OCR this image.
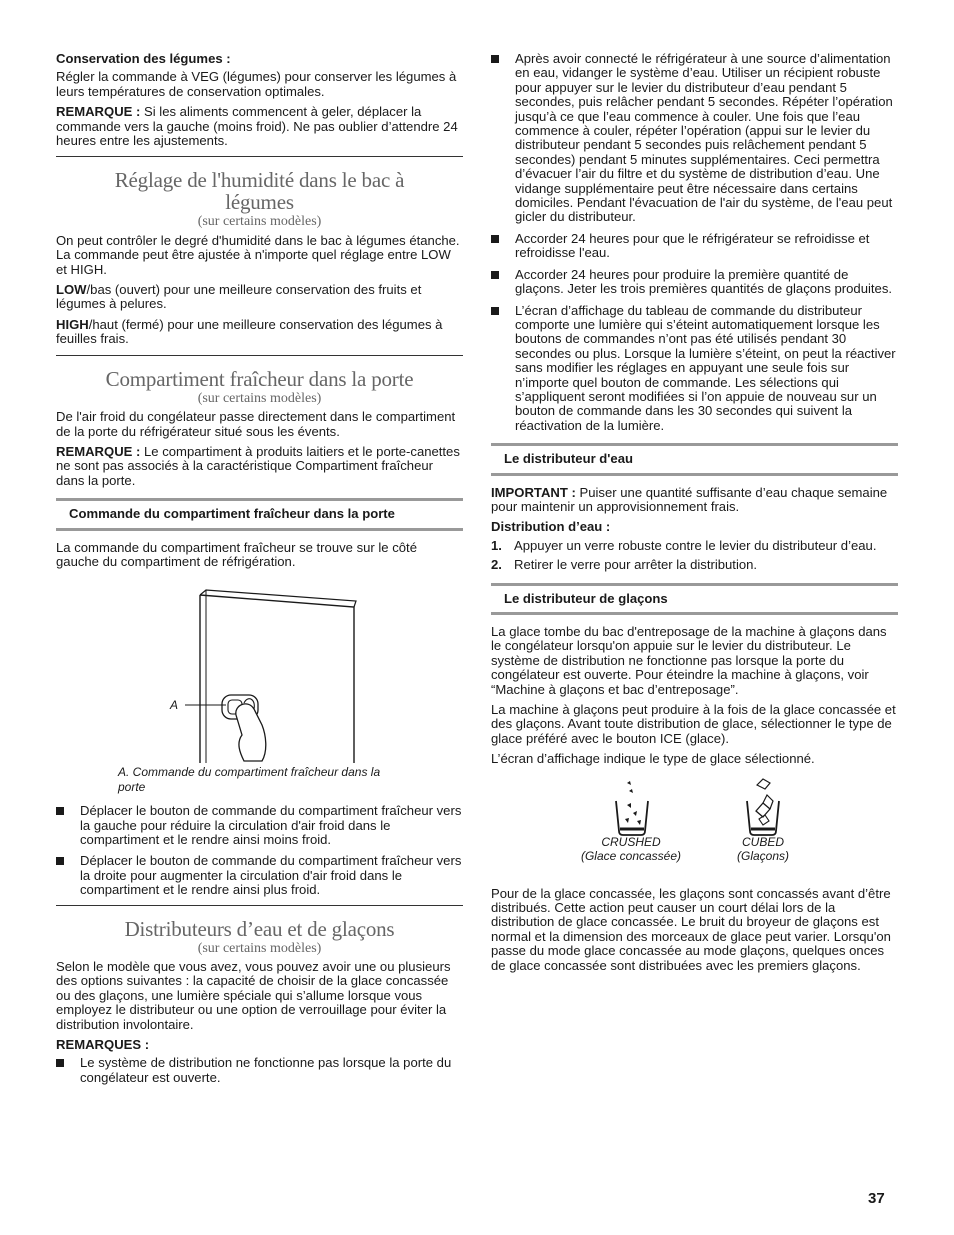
Conservation des légumes :

Régler la commande à VEG (légumes) pour conserver les légumes à leurs températures de conservation optimales.

REMARQUE : Si les aliments commencent à geler, déplacer la commande vers la gauche (moins froid). Ne pas oublier d’attendre 24 heures entre les ajustements.

Réglage de l'humidité dans le bac à légumes
(sur certains modèles)

On peut contrôler le degré d'humidité dans le bac à légumes étanche. La commande peut être ajustée à n'importe quel réglage entre LOW et HIGH.

LOW/bas (ouvert) pour une meilleure conservation des fruits et légumes à pelures.

HIGH/haut (fermé) pour une meilleure conservation des légumes à feuilles frais.

Compartiment fraîcheur dans la porte
(sur certains modèles)

De l'air froid du congélateur passe directement dans le compartiment de la porte du réfrigérateur situé sous les évents.

REMARQUE : Le compartiment à produits laitiers et le porte-canettes ne sont pas associés à la caractéristique Compartiment fraîcheur dans la porte.

Commande du compartiment fraîcheur dans la porte

La commande du compartiment fraîcheur se trouve sur le côté gauche du compartiment de réfrigération.

A

A. Commande du compartiment fraîcheur dans la porte

Déplacer le bouton de commande du compartiment fraîcheur vers la gauche pour réduire la circulation d'air froid dans le compartiment et le rendre ainsi moins froid.
Déplacer le bouton de commande du compartiment fraîcheur vers la droite pour augmenter la circulation d'air froid dans le compartiment et le rendre ainsi plus froid.
Distributeurs d’eau et de glaçons
(sur certains modèles)

Selon le modèle que vous avez, vous pouvez avoir une ou plusieurs des options suivantes : la capacité de choisir de la glace concassée ou des glaçons, une lumière spéciale qui s’allume lorsque vous employez le distributeur ou une option de verrouillage pour éviter la distribution involontaire.

REMARQUES :

Le système de distribution ne fonctionne pas lorsque la porte du congélateur est ouverte.
Après avoir connecté le réfrigérateur à une source d’alimentation en eau, vidanger le système d’eau. Utiliser un récipient robuste pour appuyer sur le levier du distributeur d’eau pendant 5 secondes, puis relâcher pendant 5 secondes. Répéter l’opération jusqu’à ce que l’eau commence à couler. Une fois que l’eau commence à couler, répéter l’opération (appui sur le levier du distributeur pendant 5 secondes puis relâchement pendant 5 secondes) pendant 5 minutes supplémentaires. Ceci permettra d’évacuer l’air du filtre et du système de distribution d’eau. Une vidange supplémentaire peut être nécessaire dans certains domiciles. Pendant l'évacuation de l'air du système, de l'eau peut gicler du distributeur.
Accorder 24 heures pour que le réfrigérateur se refroidisse et refroidisse l'eau.
Accorder 24 heures pour produire la première quantité de glaçons. Jeter les trois premières quantités de glaçons produites.
L’écran d’affichage du tableau de commande du distributeur comporte une lumière qui s’éteint automatiquement lorsque les boutons de commandes n’ont pas été utilisés pendant 30 secondes ou plus. Lorsque la lumière s’éteint, on peut la réactiver sans modifier les réglages en appuyant une seule fois sur n’importe quel bouton de commande. Les sélections qui s’appliquent seront modifiées si l’on appuie de nouveau sur un bouton de commande dans les 30 secondes qui suivent la réactivation de la lumière.
Le distributeur d'eau

IMPORTANT : Puiser une quantité suffisante d’eau chaque semaine pour maintenir un approvisionnement frais.

Distribution d’eau :

1. Appuyer un verre robuste contre le levier du distributeur d’eau.
2. Retirer le verre pour arrêter la distribution.
Le distributeur de glaçons

La glace tombe du bac d'entreposage de la machine à glaçons dans le congélateur lorsqu'on appuie sur le levier du distributeur. Le système de distribution ne fonctionne pas lorsque la porte du congélateur est ouverte. Pour éteindre la machine à glaçons, voir “Machine à glaçons et bac d’entreposage”.

La machine à glaçons peut produire à la fois de la glace concassée et des glaçons. Avant toute distribution de glace, sélectionner le type de glace préféré avec le bouton ICE (glace).

L’écran d’affichage indique le type de glace sélectionné.

CRUSHED
(Glace concassée)
CUBED
(Glaçons)

Pour de la glace concassée, les glaçons sont concassés avant d’être distribués. Cette action peut causer un court délai lors de la distribution de glace concassée. Le bruit du broyeur de glaçons est normal et la dimension des morceaux de glace peut varier. Lorsqu'on passe du mode glace concassée au mode glaçons, quelques onces de glace concassée sont distribuées avec les premiers glaçons.

37
